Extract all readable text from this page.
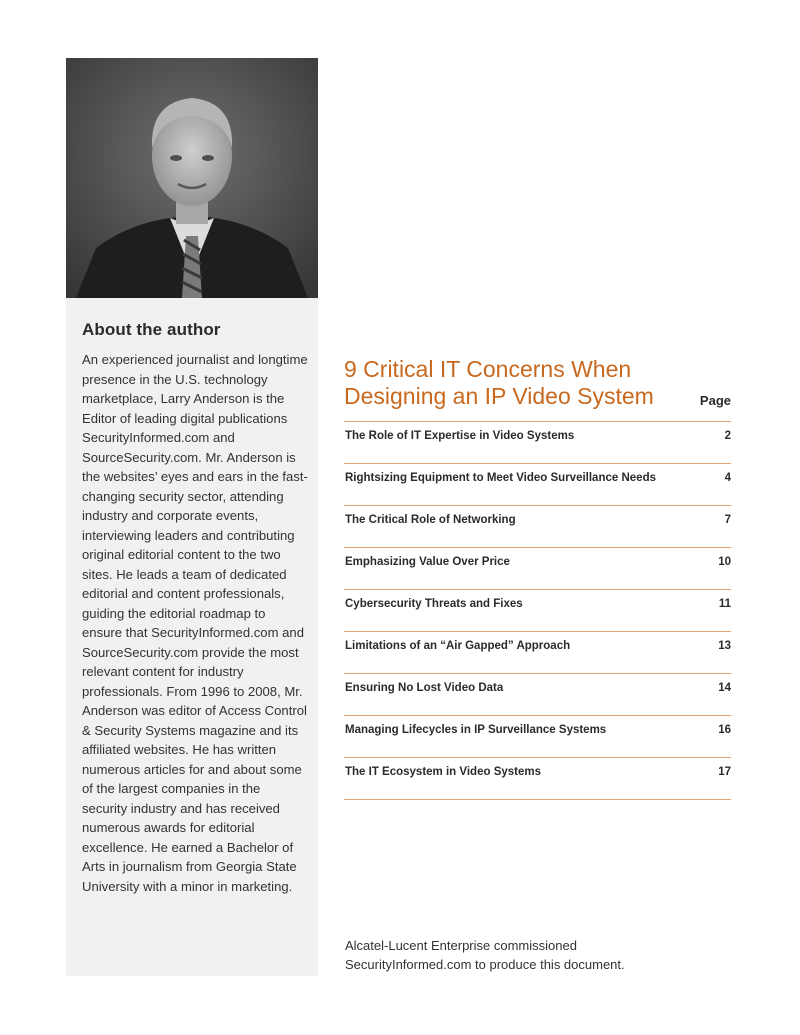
About the author

An experienced journalist and longtime presence in the U.S. technology marketplace, Larry Anderson is the Editor of leading digital publications SecurityInformed.com and SourceSecurity.com. Mr. Anderson is the websites’ eyes and ears in the fast-changing security sector, attending industry and corporate events, interviewing leaders and contributing original editorial content to the two sites. He leads a team of dedicated editorial and content professionals, guiding the editorial roadmap to ensure that SecurityInformed.com and SourceSecurity.com provide the most relevant content for industry professionals. From 1996 to 2008, Mr. Anderson was editor of Access Control & Security Systems magazine and its affiliated websites. He has written numerous articles for and about some of the largest companies in the security industry and has received numerous awards for editorial excellence. He earned a Bachelor of Arts in journalism from Georgia State University with a minor in marketing.

9 Critical IT Concerns When Designing an IP Video System	Page
The Role of IT Expertise in Video Systems	2
Rightsizing Equipment to Meet Video Surveillance Needs	4
The Critical Role of Networking	7
Emphasizing Value Over Price	10
Cybersecurity Threats and Fixes	11
Limitations of an “Air Gapped” Approach	13
Ensuring No Lost Video Data	14
Managing Lifecycles in IP Surveillance Systems	16
The IT Ecosystem in Video Systems	17

Alcatel-Lucent Enterprise commissioned SecurityInformed.com to produce this document.
